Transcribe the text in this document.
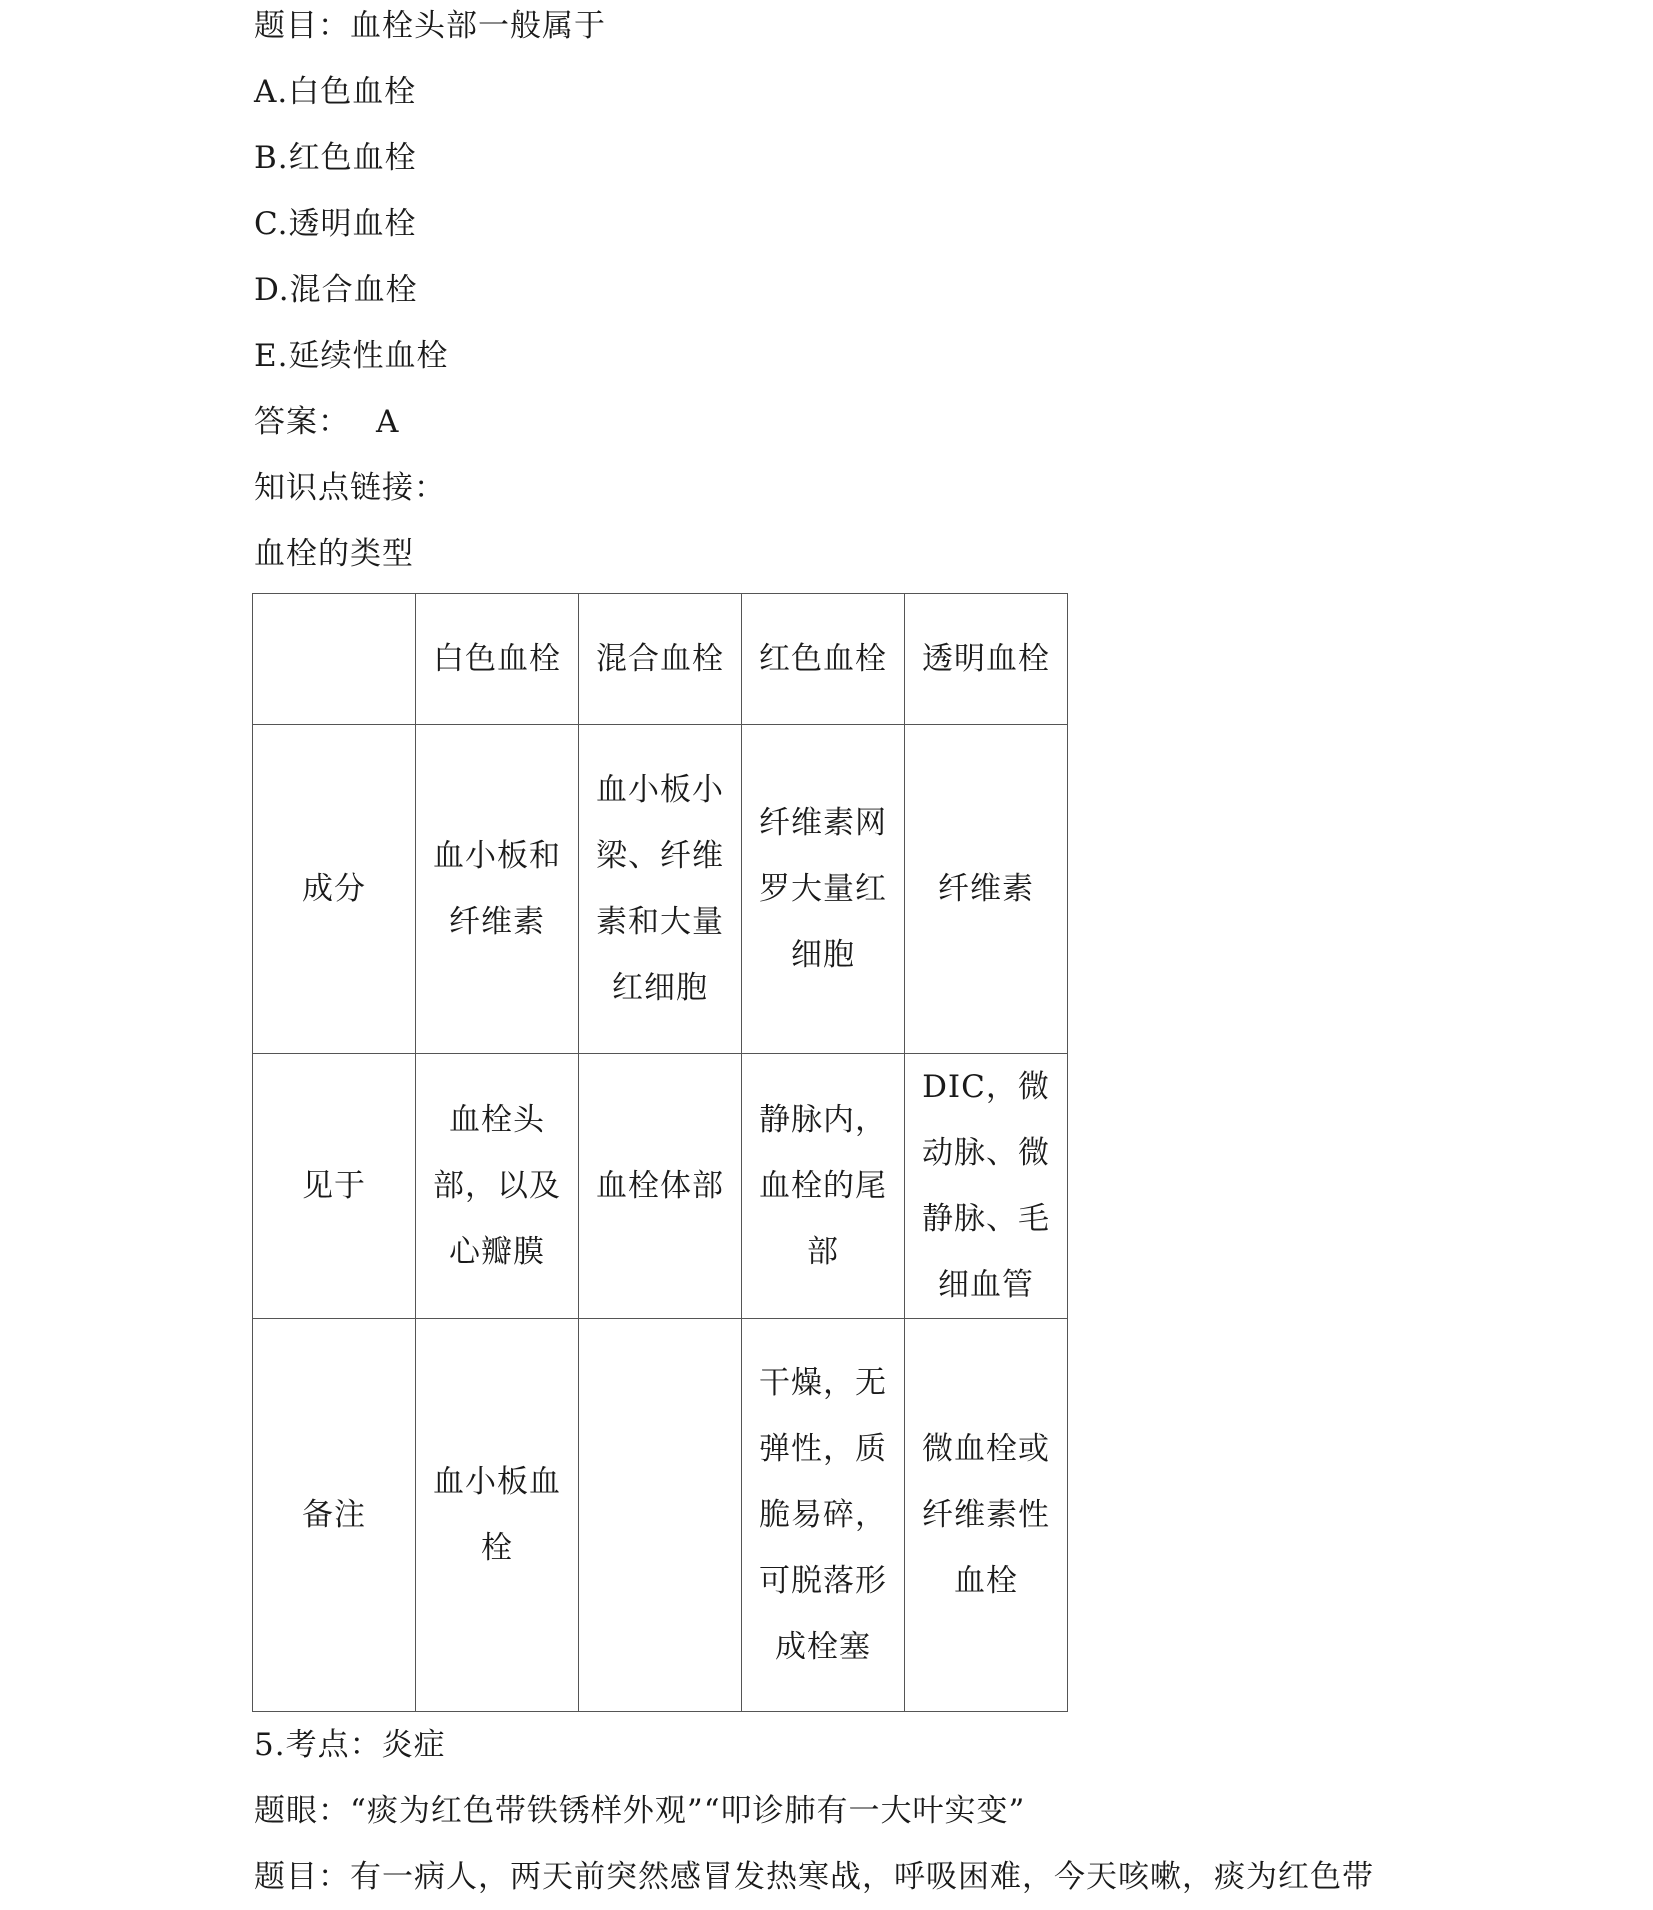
题目：血栓头部一般属于
A.白色血栓
B.红色血栓
C.透明血栓
D.混合血栓
E.延续性血栓
答案： A
知识点链接：
血栓的类型
	白色血栓	混合血栓	红色血栓	透明血栓
成分	血小板和纤维素	血小板小梁、纤维素和大量红细胞	纤维素网罗大量红细胞	纤维素
见于	血栓头部，以及心瓣膜	血栓体部	静脉内，血栓的尾部	DIC，微动脉、微静脉、毛细血管
备注	血小板血栓		干燥，无弹性，质脆易碎，可脱落形成栓塞	微血栓或纤维素性血栓
5.考点：炎症
题眼：“痰为红色带铁锈样外观”“叩诊肺有一大叶实变”
题目：有一病人，两天前突然感冒发热寒战，呼吸困难，今天咳嗽，痰为红色带
